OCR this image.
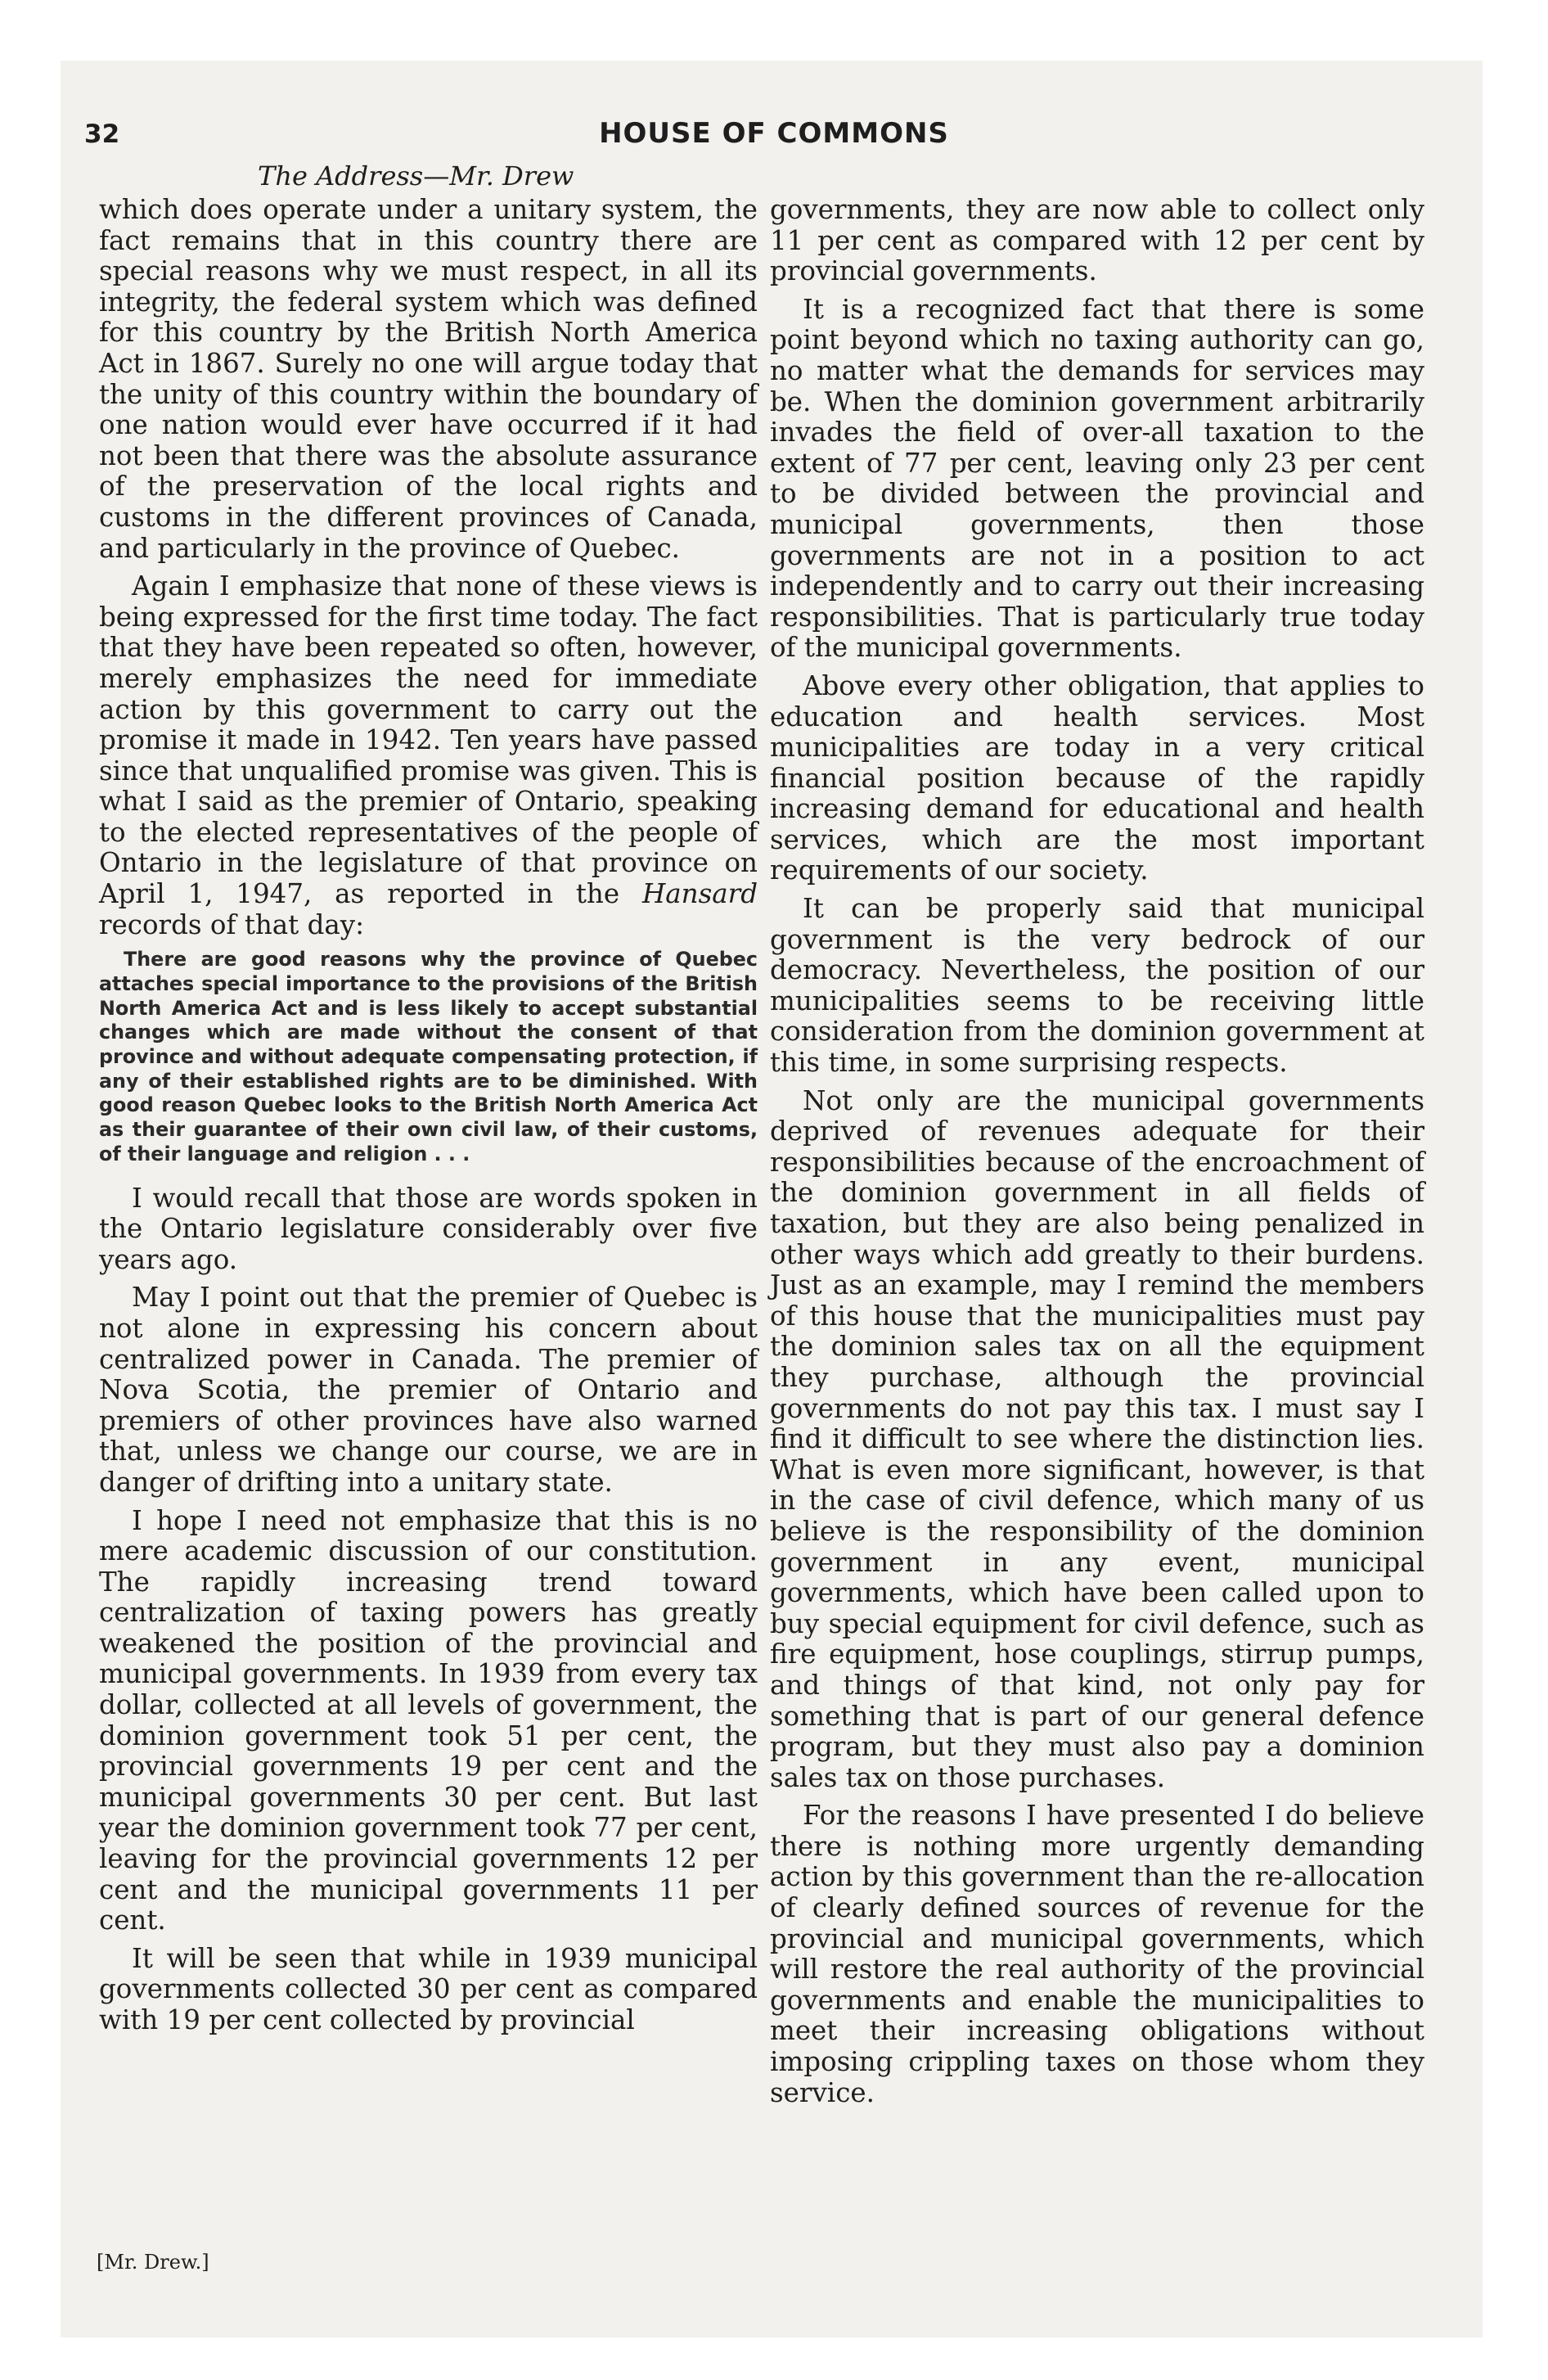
32	HOUSE OF COMMONS
The Address—Mr. Drew

which does operate under a unitary system, the fact remains that in this country there are special reasons why we must respect, in all its integrity, the federal system which was defined for this country by the British North America Act in 1867. Surely no one will argue today that the unity of this country within the boundary of one nation would ever have occurred if it had not been that there was the absolute assurance of the preservation of the local rights and customs in the different provinces of Canada, and particularly in the province of Quebec.

Again I emphasize that none of these views is being expressed for the first time today. The fact that they have been repeated so often, however, merely emphasizes the need for immediate action by this government to carry out the promise it made in 1942. Ten years have passed since that unqualified promise was given. This is what I said as the premier of Ontario, speaking to the elected representatives of the people of Ontario in the legislature of that province on April 1, 1947, as reported in the Hansard records of that day:

There are good reasons why the province of Quebec attaches special importance to the provisions of the British North America Act and is less likely to accept substantial changes which are made without the consent of that province and without adequate compensating protection, if any of their established rights are to be diminished. With good reason Quebec looks to the British North America Act as their guarantee of their own civil law, of their customs, of their language and religion . . .

I would recall that those are words spoken in the Ontario legislature considerably over five years ago.

May I point out that the premier of Quebec is not alone in expressing his concern about centralized power in Canada. The premier of Nova Scotia, the premier of Ontario and premiers of other provinces have also warned that, unless we change our course, we are in danger of drifting into a unitary state.

I hope I need not emphasize that this is no mere academic discussion of our constitution. The rapidly increasing trend toward centralization of taxing powers has greatly weakened the position of the provincial and municipal governments. In 1939 from every tax dollar, collected at all levels of government, the dominion government took 51 per cent, the provincial governments 19 per cent and the municipal governments 30 per cent. But last year the dominion government took 77 per cent, leaving for the provincial governments 12 per cent and the municipal governments 11 per cent.

It will be seen that while in 1939 municipal governments collected 30 per cent as compared with 19 per cent collected by provincial

governments, they are now able to collect only 11 per cent as compared with 12 per cent by provincial governments.

It is a recognized fact that there is some point beyond which no taxing authority can go, no matter what the demands for services may be. When the dominion government arbitrarily invades the field of over-all taxation to the extent of 77 per cent, leaving only 23 per cent to be divided between the provincial and municipal governments, then those governments are not in a position to act independently and to carry out their increasing responsibilities. That is particularly true today of the municipal governments.

Above every other obligation, that applies to education and health services. Most municipalities are today in a very critical financial position because of the rapidly increasing demand for educational and health services, which are the most important requirements of our society.

It can be properly said that municipal government is the very bedrock of our democracy. Nevertheless, the position of our municipalities seems to be receiving little consideration from the dominion government at this time, in some surprising respects.

Not only are the municipal governments deprived of revenues adequate for their responsibilities because of the encroachment of the dominion government in all fields of taxation, but they are also being penalized in other ways which add greatly to their burdens. Just as an example, may I remind the members of this house that the municipalities must pay the dominion sales tax on all the equipment they purchase, although the provincial governments do not pay this tax. I must say I find it difficult to see where the distinction lies. What is even more significant, however, is that in the case of civil defence, which many of us believe is the responsibility of the dominion government in any event, municipal governments, which have been called upon to buy special equipment for civil defence, such as fire equipment, hose couplings, stirrup pumps, and things of that kind, not only pay for something that is part of our general defence program, but they must also pay a dominion sales tax on those purchases.

For the reasons I have presented I do believe there is nothing more urgently demanding action by this government than the re-allocation of clearly defined sources of revenue for the provincial and municipal governments, which will restore the real authority of the provincial governments and enable the municipalities to meet their increasing obligations without imposing crippling taxes on those whom they service.

[Mr. Drew.]
